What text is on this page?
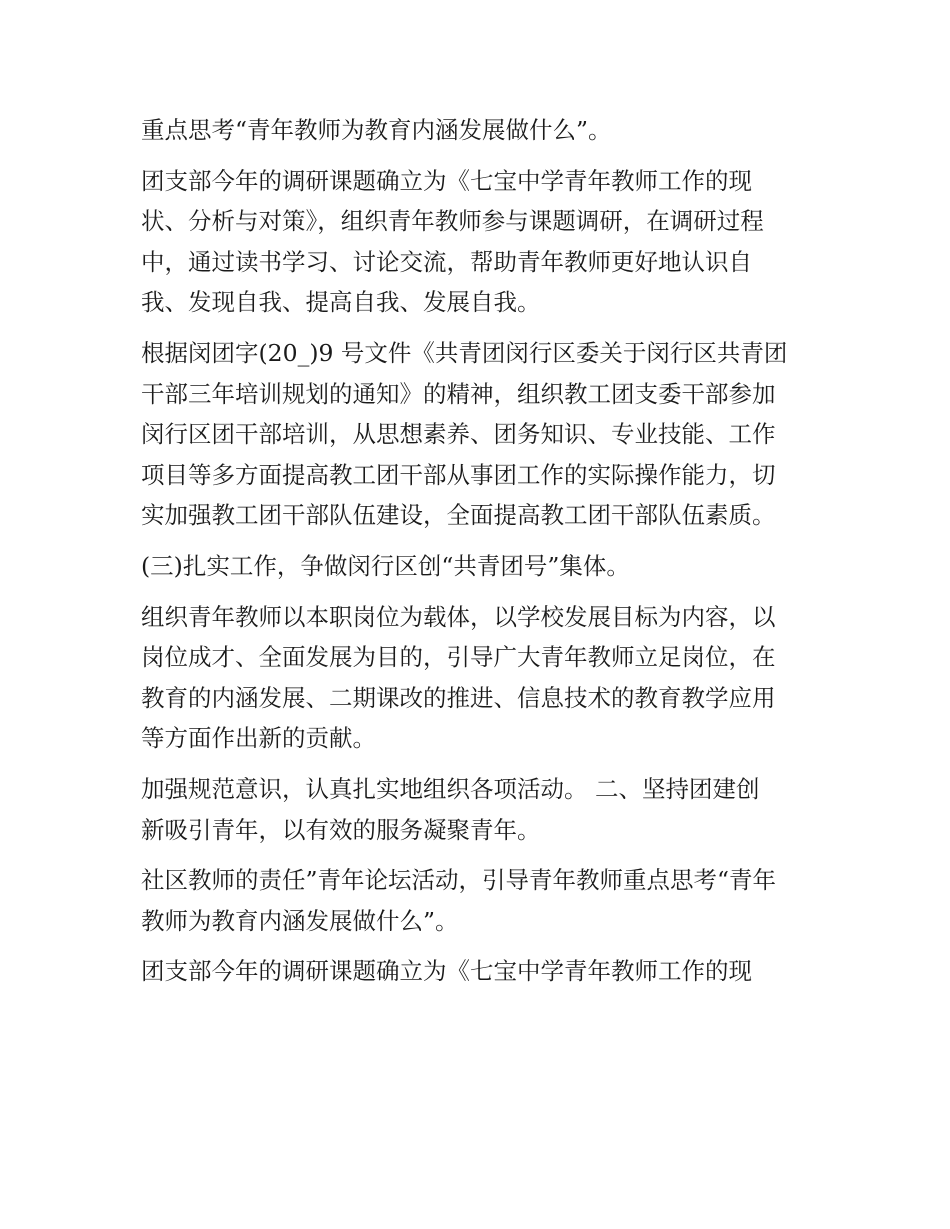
重点思考“青年教师为教育内涵发展做什么”。

团支部今年的调研课题确立为《七宝中学青年教师工作的现
状、分析与对策》，组织青年教师参与课题调研，在调研过程
中，通过读书学习、讨论交流，帮助青年教师更好地认识自
我、发现自我、提高自我、发展自我。

根据闵团字(20_)9 号文件《共青团闵行区委关于闵行区共青团
干部三年培训规划的通知》的精神，组织教工团支委干部参加
闵行区团干部培训，从思想素养、团务知识、专业技能、工作
项目等多方面提高教工团干部从事团工作的实际操作能力，切
实加强教工团干部队伍建设，全面提高教工团干部队伍素质。

(三)扎实工作，争做闵行区创“共青团号”集体。

组织青年教师以本职岗位为载体，以学校发展目标为内容，以
岗位成才、全面发展为目的，引导广大青年教师立足岗位，在
教育的内涵发展、二期课改的推进、信息技术的教育教学应用
等方面作出新的贡献。

加强规范意识，认真扎实地组织各项活动。 二、坚持团建创
新吸引青年，以有效的服务凝聚青年。

社区教师的责任”青年论坛活动，引导青年教师重点思考“青年
教师为教育内涵发展做什么”。

团支部今年的调研课题确立为《七宝中学青年教师工作的现
